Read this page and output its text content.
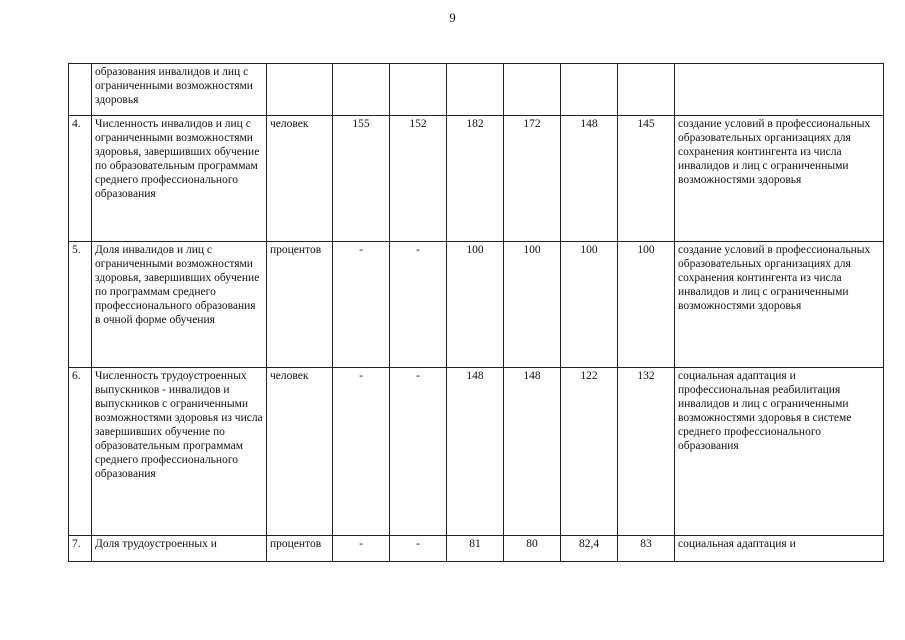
9
	образования инвалидов и лиц с ограниченными возможностями здоровья								
4.	Численность инвалидов и лиц с ограниченными возможностями здоровья, завершивших обучение по образовательным программам среднего профессионального образования	человек	155	152	182	172	148	145	создание условий в профессиональных образовательных организациях для сохранения контингента из числа инвалидов и лиц с ограниченными возможностями здоровья
5.	Доля инвалидов и лиц с ограниченными возможностями здоровья, завершивших обучение по программам среднего профессионального образования в очной форме обучения	процентов	-	-	100	100	100	100	создание условий в профессиональных образовательных организациях для сохранения контингента из числа инвалидов и лиц с ограниченными возможностями здоровья
6.	Численность трудоустроенных выпускников - инвалидов и выпускников с ограниченными возможностями здоровья из числа завершивших обучение по образовательным программам среднего профессионального образования	человек	-	-	148	148	122	132	социальная адаптация и профессиональная реабилитация инвалидов и лиц с ограниченными возможностями здоровья в системе среднего профессионального образования
7.	Доля трудоустроенных и	процентов	-	-	81	80	82,4	83	социальная адаптация и
